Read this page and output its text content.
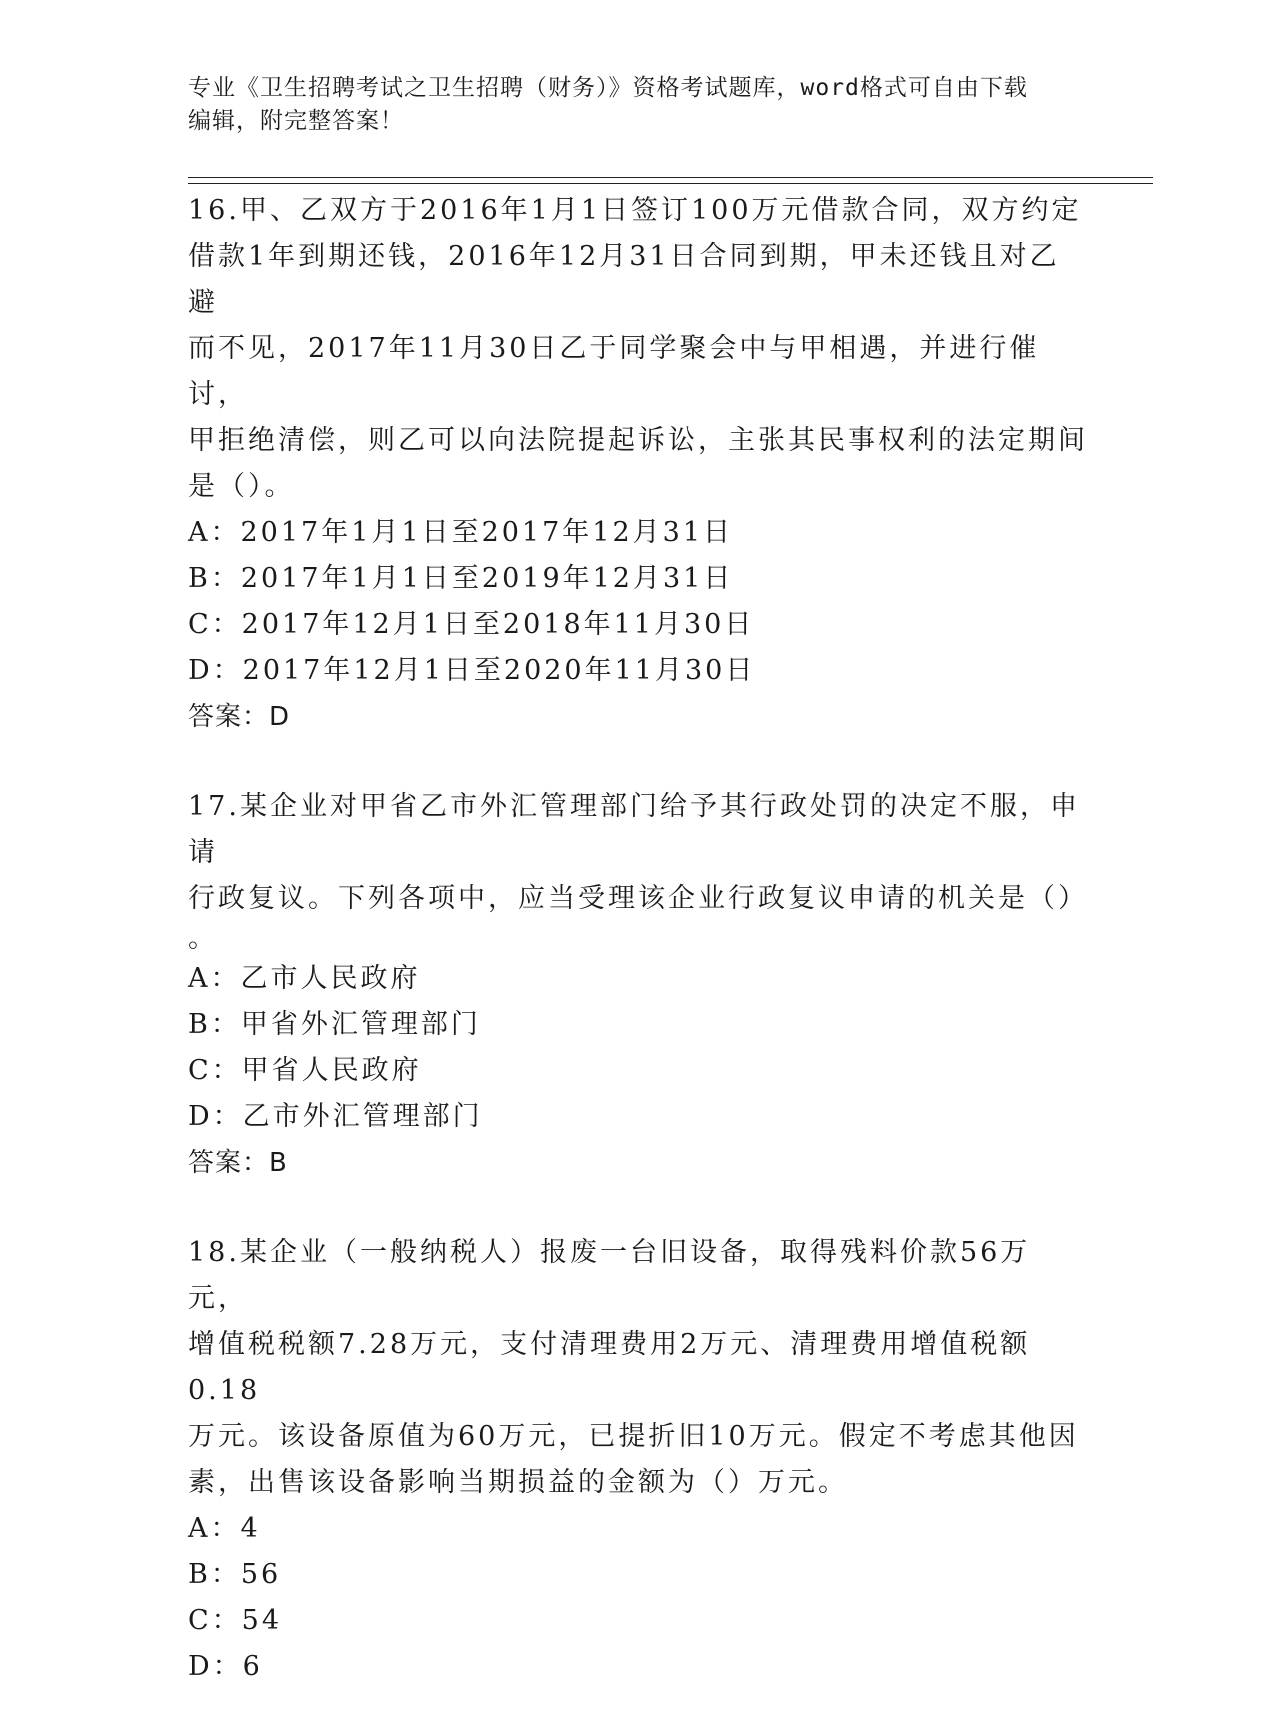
专业《卫生招聘考试之卫生招聘（财务）》资格考试题库，word格式可自由下载
编辑，附完整答案！
16.甲、乙双方于2016年1月1日签订100万元借款合同，双方约定
借款1年到期还钱，2016年12月31日合同到期，甲未还钱且对乙避
而不见，2017年11月30日乙于同学聚会中与甲相遇，并进行催讨，
甲拒绝清偿，则乙可以向法院提起诉讼，主张其民事权利的法定期间
是（）。
A：2017年1月1日至2017年12月31日
B：2017年1月1日至2019年12月31日
C：2017年12月1日至2018年11月30日
D：2017年12月1日至2020年11月30日
答案：D
17.某企业对甲省乙市外汇管理部门给予其行政处罚的决定不服，申请
行政复议。下列各项中，应当受理该企业行政复议申请的机关是（）
。
A：乙市人民政府
B：甲省外汇管理部门
C：甲省人民政府
D：乙市外汇管理部门
答案：B
18.某企业（一般纳税人）报废一台旧设备，取得残料价款56万元，
增值税税额7.28万元，支付清理费用2万元、清理费用增值税额0.18
万元。该设备原值为60万元，已提折旧10万元。假定不考虑其他因
素，出售该设备影响当期损益的金额为（）万元。
A：4
B：56
C：54
D：6
